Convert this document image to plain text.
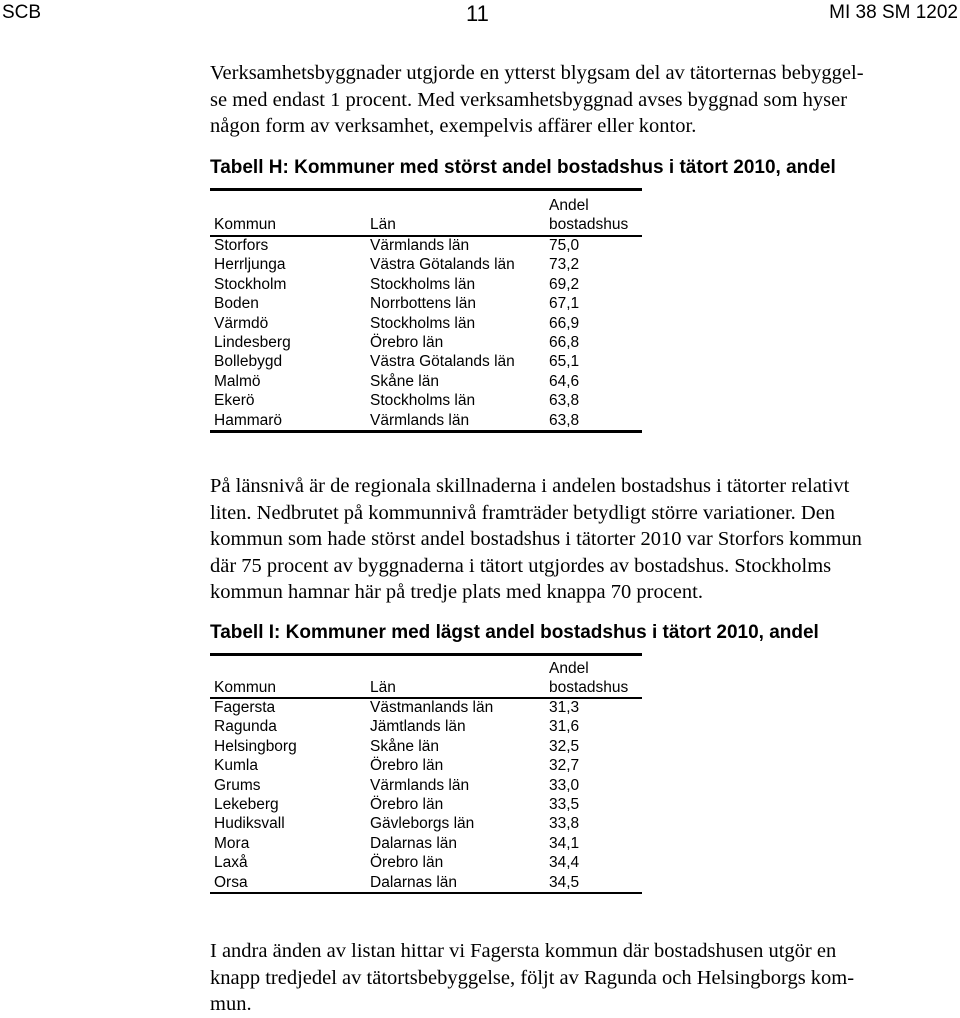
SCB	11	MI 38 SM 1202
Verksamhetsbyggnader utgjorde en ytterst blygsam del av tätorternas bebyggel-
se med endast 1 procent. Med verksamhetsbyggnad avses byggnad som hyser
någon form av verksamhet, exempelvis affärer eller kontor.
Tabell H: Kommuner med störst andel bostadshus i tätort 2010, andel
Andel
Kommun	Län	bostadshus
Storfors	Värmlands län	75,0
Herrljunga	Västra Götalands län 73,2
Stockholm	Stockholms län	69,2
Boden	Norrbottens län	67,1
Värmdö	Stockholms län	66,9
Lindesberg	Örebro län	66,8
Bollebygd	Västra Götalands län 65,1
Malmö	Skåne län	64,6
Ekerö	Stockholms län	63,8
Hammarö	Värmlands län	63,8
På länsnivå är de regionala skillnaderna i andelen bostadshus i tätorter relativt
liten. Nedbrutet på kommunnivå framträder betydligt större variationer. Den
kommun som hade störst andel bostadshus i tätorter 2010 var Storfors kommun
där 75 procent av byggnaderna i tätort utgjordes av bostadshus. Stockholms
kommun hamnar här på tredje plats med knappa 70 procent.
Tabell I: Kommuner med lägst andel bostadshus i tätort 2010, andel
Andel
Kommun	Län	bostadshus
Fagersta	Västmanlands län	31,3
Ragunda	Jämtlands län	31,6
Helsingborg	Skåne län	32,5
Kumla	Örebro län	32,7
Grums	Värmlands län	33,0
Lekeberg	Örebro län	33,5
Hudiksvall	Gävleborgs län	33,8
Mora	Dalarnas län	34,1
Laxå	Örebro län	34,4
Orsa	Dalarnas län	34,5
I andra änden av listan hittar vi Fagersta kommun där bostadshusen utgör en
knapp tredjedel av tätortsbebyggelse, följt av Ragunda och Helsingborgs kom-
mun.
